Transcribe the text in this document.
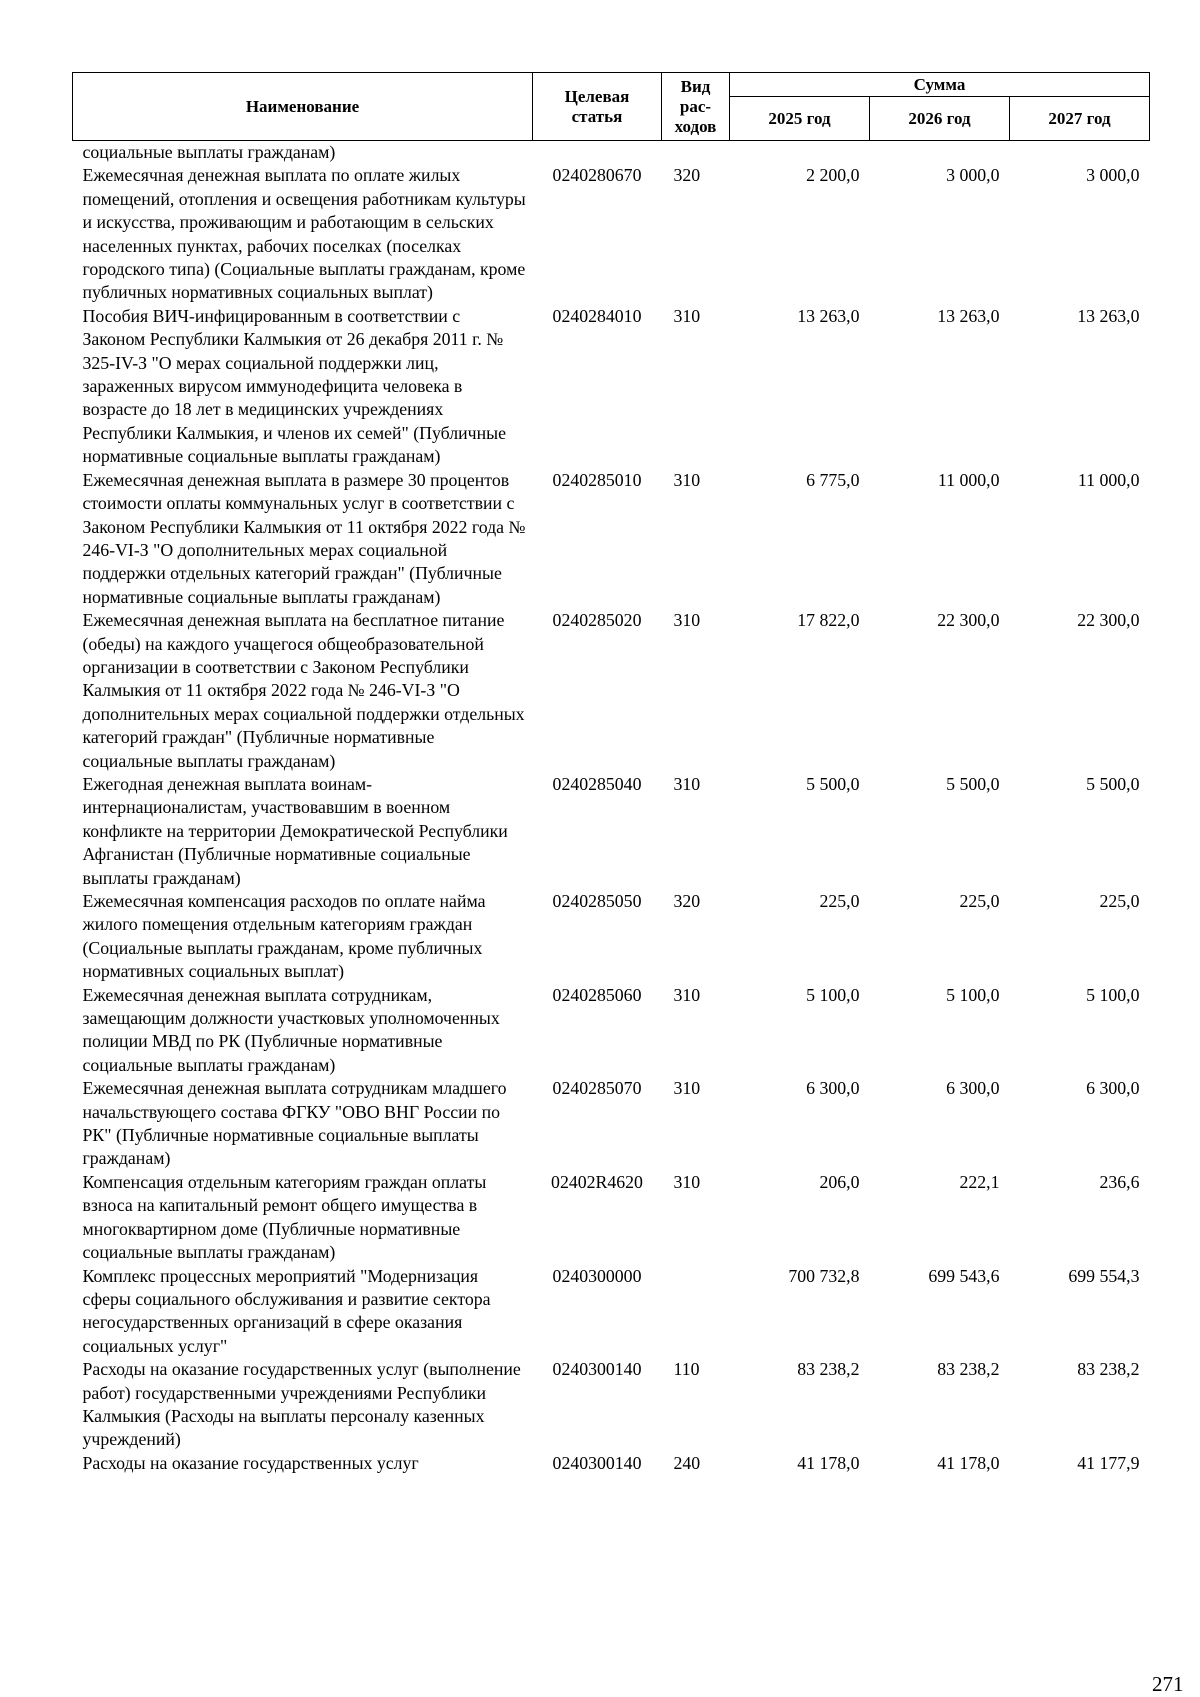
Наименование	Целевая статья	Вид рас- ходов	Сумма		
			2025 год	2026 год	2027 год
социальные выплаты гражданам)					
Ежемесячная денежная выплата по оплате жилых помещений, отопления и освещения работникам культуры и искусства, проживающим и работающим в сельских населенных пунктах, рабочих поселках (поселках городского типа) (Социальные выплаты гражданам, кроме публичных нормативных социальных выплат)	0240280670	320	2 200,0	3 000,0	3 000,0
Пособия ВИЧ-инфицированным в соответствии с Законом Республики Калмыкия от 26 декабря 2011 г. № 325-IV-З "О мерах социальной поддержки лиц, зараженных вирусом иммунодефицита человека в возрасте до 18 лет в медицинских учреждениях Республики Калмыкия, и членов их семей" (Публичные нормативные социальные выплаты гражданам)	0240284010	310	13 263,0	13 263,0	13 263,0
Ежемесячная денежная выплата в размере 30 процентов стоимости оплаты коммунальных услуг в соответствии с Законом Республики Калмыкия от 11 октября 2022 года № 246-VI-З "О дополнительных мерах социальной поддержки отдельных категорий граждан" (Публичные нормативные социальные выплаты гражданам)	0240285010	310	6 775,0	11 000,0	11 000,0
Ежемесячная денежная выплата на бесплатное питание (обеды) на каждого учащегося общеобразовательной организации в соответствии с Законом Республики Калмыкия от 11 октября 2022 года № 246-VI-З "О дополнительных мерах социальной поддержки отдельных категорий граждан" (Публичные нормативные социальные выплаты гражданам)	0240285020	310	17 822,0	22 300,0	22 300,0
Ежегодная денежная выплата воинам-интернационалистам, участвовавшим в военном конфликте на территории Демократической Республики Афганистан (Публичные нормативные социальные выплаты гражданам)	0240285040	310	5 500,0	5 500,0	5 500,0
Ежемесячная компенсация расходов по оплате найма жилого помещения отдельным категориям граждан (Социальные выплаты гражданам, кроме публичных нормативных социальных выплат)	0240285050	320	225,0	225,0	225,0
Ежемесячная денежная выплата сотрудникам, замещающим должности участковых уполномоченных полиции МВД по РК (Публичные нормативные социальные выплаты гражданам)	0240285060	310	5 100,0	5 100,0	5 100,0
Ежемесячная денежная выплата сотрудникам младшего начальствующего состава ФГКУ "ОВО ВНГ России по РК" (Публичные нормативные социальные выплаты гражданам)	0240285070	310	6 300,0	6 300,0	6 300,0
Компенсация отдельным категориям граждан оплаты взноса на капитальный ремонт общего имущества в многоквартирном доме (Публичные нормативные социальные выплаты гражданам)	02402R4620	310	206,0	222,1	236,6
Комплекс процессных мероприятий "Модернизация сферы социального обслуживания и развитие сектора негосударственных организаций в сфере оказания социальных услуг"	0240300000		700 732,8	699 543,6	699 554,3
Расходы на оказание государственных услуг (выполнение работ) государственными учреждениями Республики Калмыкия (Расходы на выплаты персоналу казенных учреждений)	0240300140	110	83 238,2	83 238,2	83 238,2
Расходы на оказание государственных услуг	0240300140	240	41 178,0	41 178,0	41 177,9
271
